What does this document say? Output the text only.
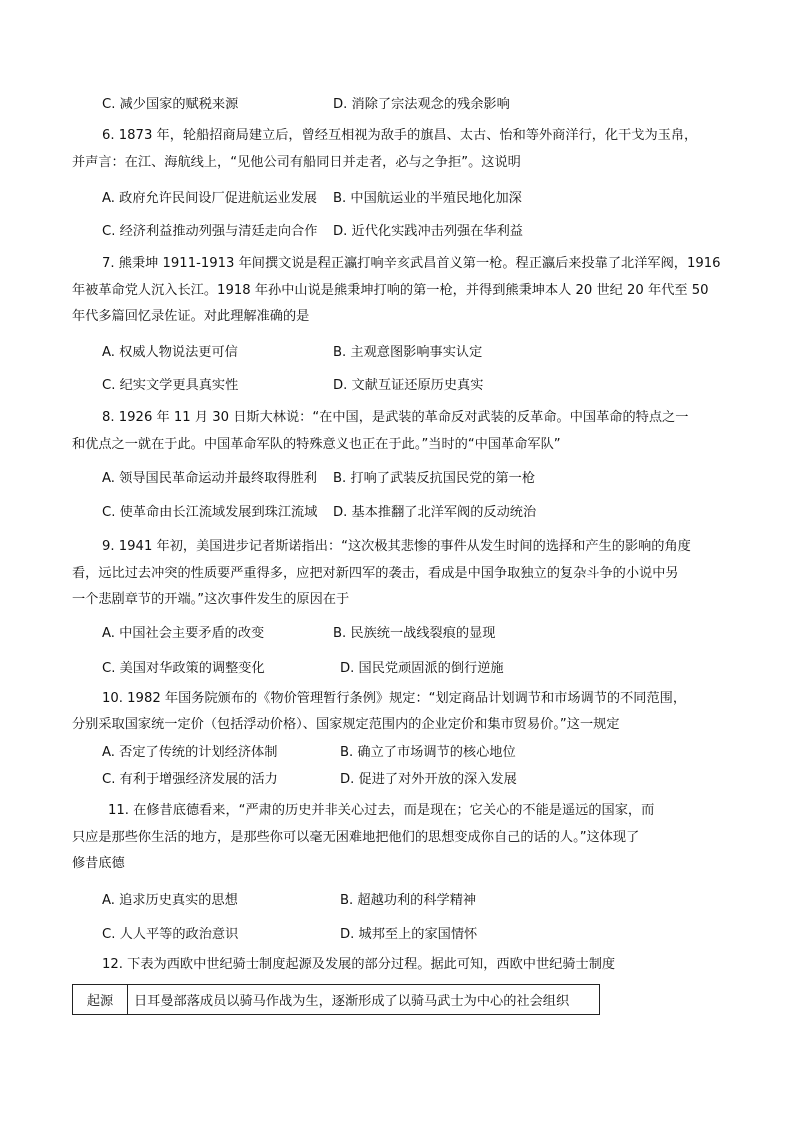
C. 减少国家的赋税来源	D. 消除了宗法观念的残余影响
6. 1873 年，轮船招商局建立后，曾经互相视为敌手的旗昌、太古、怡和等外商洋行，化干戈为玉帛，
并声言：在江、海航线上，“见他公司有船同日并走者，必与之争拒”。这说明
A. 政府允许民间设厂促进航运业发展 B. 中国航运业的半殖民地化加深
C. 经济利益推动列强与清廷走向合作 D. 近代化实践冲击列强在华利益
7. 熊秉坤 1911-1913 年间撰文说是程正瀛打响辛亥武昌首义第一枪。程正瀛后来投靠了北洋军阀，1916
年被革命党人沉入长江。1918 年孙中山说是熊秉坤打响的第一枪，并得到熊秉坤本人 20 世纪 20 年代至 50
年代多篇回忆录佐证。对此理解准确的是
A. 权威人物说法更可信	B. 主观意图影响事实认定
C. 纪实文学更具真实性	D. 文献互证还原历史真实
8. 1926 年 11 月 30 日斯大林说：“在中国，是武装的革命反对武装的反革命。中国革命的特点之一
和优点之一就在于此。中国革命军队的特殊意义也正在于此。”当时的“中国革命军队”
A. 领导国民革命运动并最终取得胜利 B. 打响了武装反抗国民党的第一枪
C. 使革命由长江流域发展到珠江流域 D. 基本推翻了北洋军阀的反动统治
9. 1941 年初，美国进步记者斯诺指出：“这次极其悲惨的事件从发生时间的选择和产生的影响的角度
看，远比过去冲突的性质要严重得多，应把对新四军的袭击，看成是中国争取独立的复杂斗争的小说中另
一个悲剧章节的开端。”这次事件发生的原因在于
A. 中国社会主要矛盾的改变	B. 民族统一战线裂痕的显现
C. 美国对华政策的调整变化	D. 国民党顽固派的倒行逆施
10. 1982 年国务院颁布的《物价管理暂行条例》规定：“划定商品计划调节和市场调节的不同范围，
分别采取国家统一定价（包括浮动价格）、国家规定范围内的企业定价和集市贸易价。”这一规定
A. 否定了传统的计划经济体制	B. 确立了市场调节的核心地位
C. 有利于增强经济发展的活力	D. 促进了对外开放的深入发展
11. 在修昔底德看来，“严肃的历史并非关心过去，而是现在；它关心的不能是遥远的国家，而
只应是那些你生活的地方，是那些你可以毫无困难地把他们的思想变成你自己的话的人。”这体现了
修昔底德
A. 追求历史真实的思想	B. 超越功利的科学精神
C. 人人平等的政治意识	D. 城邦至上的家国情怀
12. 下表为西欧中世纪骑士制度起源及发展的部分过程。据此可知，西欧中世纪骑士制度
起源	日耳曼部落成员以骑马作战为生，逐渐形成了以骑马武士为中心的社会组织
